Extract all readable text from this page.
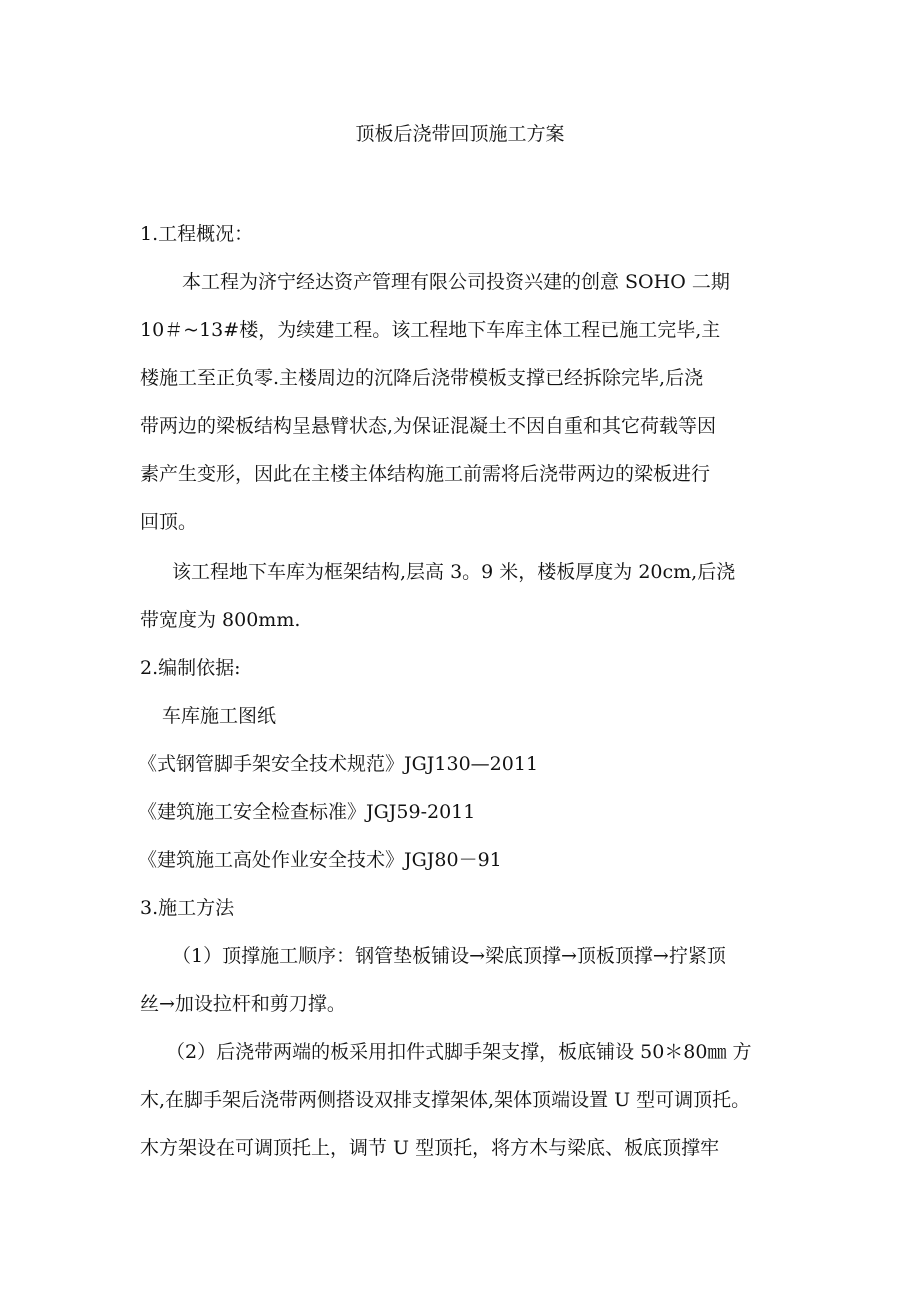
顶板后浇带回顶施工方案
1.工程概况：
本工程为济宁经达资产管理有限公司投资兴建的创意 SOHO 二期
10＃~13#楼，为续建工程。该工程地下车库主体工程已施工完毕,主
楼施工至正负零.主楼周边的沉降后浇带模板支撑已经拆除完毕,后浇
带两边的梁板结构呈悬臂状态,为保证混凝土不因自重和其它荷载等因
素产生变形，因此在主楼主体结构施工前需将后浇带两边的梁板进行
回顶。
该工程地下车库为框架结构,层高 3。9 米，楼板厚度为 20cm,后浇
带宽度为 800mm.
2.编制依据:
车库施工图纸
《式钢管脚手架安全技术规范》JGJ130—2011
《建筑施工安全检查标准》JGJ59-2011
《建筑施工高处作业安全技术》JGJ80－91
3.施工方法
（1）顶撑施工顺序：钢管垫板铺设→梁底顶撑→顶板顶撑→拧紧顶
丝→加设拉杆和剪刀撑。
（2）后浇带两端的板采用扣件式脚手架支撑，板底铺设 50＊80㎜ 方
木,在脚手架后浇带两侧搭设双排支撑架体,架体顶端设置 U 型可调顶托。
木方架设在可调顶托上，调节 U 型顶托，将方木与梁底、板底顶撑牢
